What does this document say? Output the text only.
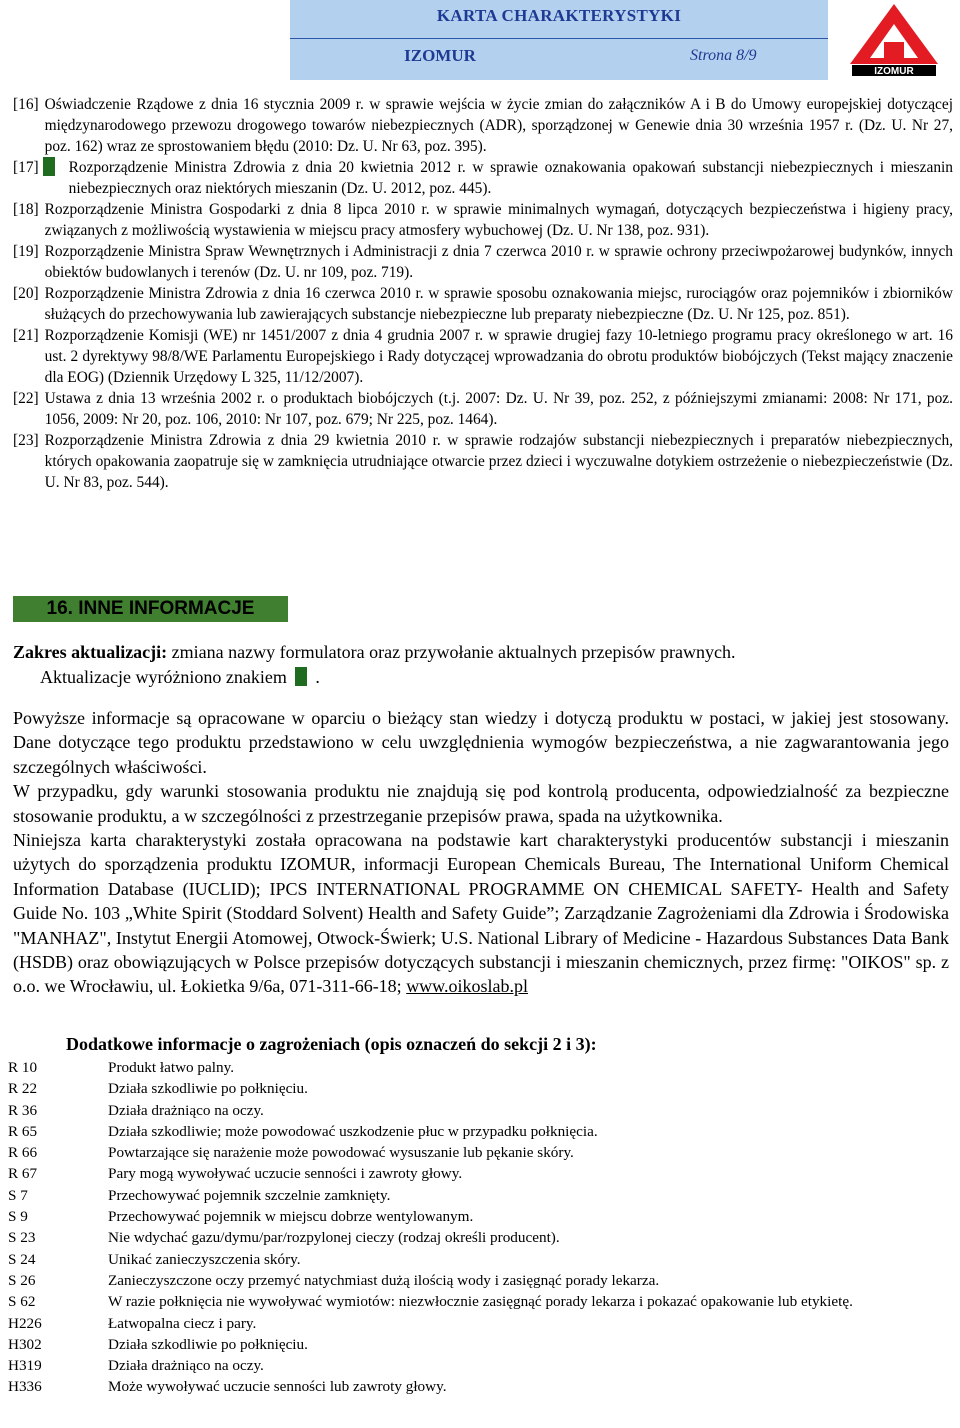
KARTA CHARAKTERYSTYKI
IZOMUR	Strona 8/9
IZOMUR
[16] Oświadczenie Rządowe z dnia 16 stycznia 2009 r. w sprawie wejścia w życie zmian do załączników A i B do Umowy europejskiej dotyczącej międzynarodowego przewozu drogowego towarów niebezpiecznych (ADR), sporządzonej w Genewie dnia 30 września 1957 r. (Dz. U. Nr 27, poz. 162) wraz ze sprostowaniem błędu (2010: Dz. U. Nr 63, poz. 395).
[17]	Rozporządzenie Ministra Zdrowia z dnia 20 kwietnia 2012 r. w sprawie oznakowania opakowań substancji niebezpiecznych i mieszanin niebezpiecznych oraz niektórych mieszanin (Dz. U. 2012, poz. 445).
[18] Rozporządzenie Ministra Gospodarki z dnia 8 lipca 2010 r. w sprawie minimalnych wymagań, dotyczących bezpieczeństwa i higieny pracy, związanych z możliwością wystawienia w miejscu pracy atmosfery wybuchowej (Dz. U. Nr 138, poz. 931).
[19] Rozporządzenie Ministra Spraw Wewnętrznych i Administracji z dnia 7 czerwca 2010 r. w sprawie ochrony przeciwpożarowej budynków, innych obiektów budowlanych i terenów (Dz. U. nr 109, poz. 719).
[20] Rozporządzenie Ministra Zdrowia z dnia 16 czerwca 2010 r. w sprawie sposobu oznakowania miejsc, rurociągów oraz pojemników i zbiorników służących do przechowywania lub zawierających substancje niebezpieczne lub preparaty niebezpieczne (Dz. U. Nr 125, poz. 851).
[21] Rozporządzenie Komisji (WE) nr 1451/2007 z dnia 4 grudnia 2007 r. w sprawie drugiej fazy 10-letniego programu pracy określonego w art. 16 ust. 2 dyrektywy 98/8/WE Parlamentu Europejskiego i Rady dotyczącej wprowadzania do obrotu produktów biobójczych (Tekst mający znaczenie dla EOG) (Dziennik Urzędowy L 325, 11/12/2007).
[22] Ustawa z dnia 13 września 2002 r. o produktach biobójczych (t.j. 2007: Dz. U. Nr 39, poz. 252, z późniejszymi zmianami: 2008: Nr 171, poz. 1056, 2009: Nr 20, poz. 106, 2010: Nr 107, poz. 679; Nr 225, poz. 1464).
[23] Rozporządzenie Ministra Zdrowia z dnia 29 kwietnia 2010 r. w sprawie rodzajów substancji niebezpiecznych i preparatów niebezpiecznych, których opakowania zaopatruje się w zamknięcia utrudniające otwarcie przez dzieci i wyczuwalne dotykiem ostrzeżenie o niebezpieczeństwie (Dz. U. Nr 83, poz. 544).
16. INNE INFORMACJE
Zakres aktualizacji: zmiana nazwy formulatora oraz przywołanie aktualnych przepisów prawnych.
Aktualizacje wyróżniono znakiem .

Powyższe informacje są opracowane w oparciu o bieżący stan wiedzy i dotyczą produktu w postaci, w jakiej jest stosowany. Dane dotyczące tego produktu przedstawiono w celu uwzględnienia wymogów bezpieczeństwa, a nie zagwarantowania jego szczególnych właściwości.

W przypadku, gdy warunki stosowania produktu nie znajdują się pod kontrolą producenta, odpowiedzialność za bezpieczne stosowanie produktu, a w szczególności z przestrzeganie przepisów prawa, spada na użytkownika.

Niniejsza karta charakterystyki została opracowana na podstawie kart charakterystyki producentów substancji i mieszanin użytych do sporządzenia produktu IZOMUR, informacji European Chemicals Bureau, The International Uniform Chemical Information Database (IUCLID); IPCS INTERNATIONAL PROGRAMME ON CHEMICAL SAFETY- Health and Safety Guide No. 103 „White Spirit (Stoddard Solvent) Health and Safety Guide”; Zarządzanie Zagrożeniami dla Zdrowia i Środowiska "MANHAZ", Instytut Energii Atomowej, Otwock-Świerk; U.S. National Library of Medicine - Hazardous Substances Data Bank (HSDB) oraz obowiązujących w Polsce przepisów dotyczących substancji i mieszanin chemicznych, przez firmę: "OIKOS" sp. z o.o. we Wrocławiu, ul. Łokietka 9/6a, 071-311-66-18; www.oikoslab.pl

Dodatkowe informacje o zagrożeniach (opis oznaczeń do sekcji 2 i 3):
R 10	Produkt łatwo palny.
R 22	Działa szkodliwie po połknięciu.
R 36	Działa drażniąco na oczy.
R 65	Działa szkodliwie; może powodować uszkodzenie płuc w przypadku połknięcia.
R 66	Powtarzające się narażenie może powodować wysuszanie lub pękanie skóry.
R 67	Pary mogą wywoływać uczucie senności i zawroty głowy.
S 7	Przechowywać pojemnik szczelnie zamknięty.
S 9	Przechowywać pojemnik w miejscu dobrze wentylowanym.
S 23	Nie wdychać gazu/dymu/par/rozpylonej cieczy (rodzaj określi producent).
S 24	Unikać zanieczyszczenia skóry.
S 26	Zanieczyszczone oczy przemyć natychmiast dużą ilością wody i zasięgnąć porady lekarza.
S 62	W razie połknięcia nie wywoływać wymiotów: niezwłocznie zasięgnąć porady lekarza i pokazać opakowanie lub etykietę.
H226	Łatwopalna ciecz i pary.
H302	Działa szkodliwie po połknięciu.
H319	Działa drażniąco na oczy.
H336	Może wywoływać uczucie senności lub zawroty głowy.
